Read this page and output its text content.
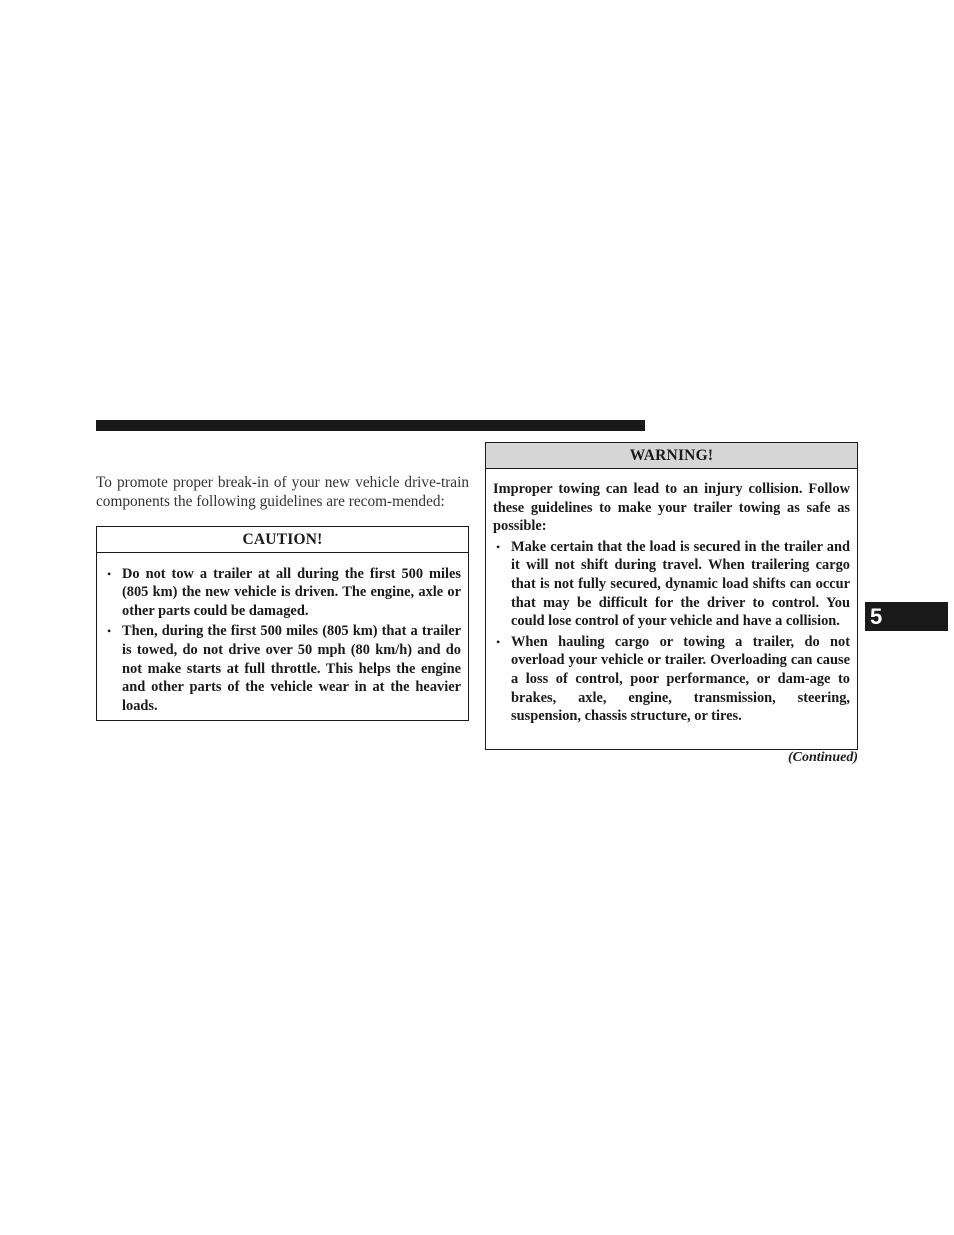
To promote proper break-in of your new vehicle drive-train components the following guidelines are recom-mended:

CAUTION!
• Do not tow a trailer at all during the first 500 miles (805 km) the new vehicle is driven. The engine, axle or other parts could be damaged.
• Then, during the first 500 miles (805 km) that a trailer is towed, do not drive over 50 mph (80 km/h) and do not make starts at full throttle. This helps the engine and other parts of the vehicle wear in at the heavier loads.
WARNING!
Improper towing can lead to an injury collision. Follow these guidelines to make your trailer towing as safe as possible:
• Make certain that the load is secured in the trailer and it will not shift during travel. When trailering cargo that is not fully secured, dynamic load shifts can occur that may be difficult for the driver to control. You could lose control of your vehicle and have a collision.
• When hauling cargo or towing a trailer, do not overload your vehicle or trailer. Overloading can cause a loss of control, poor performance, or dam-age to brakes, axle, engine, transmission, steering, suspension, chassis structure, or tires.
(Continued)
5
